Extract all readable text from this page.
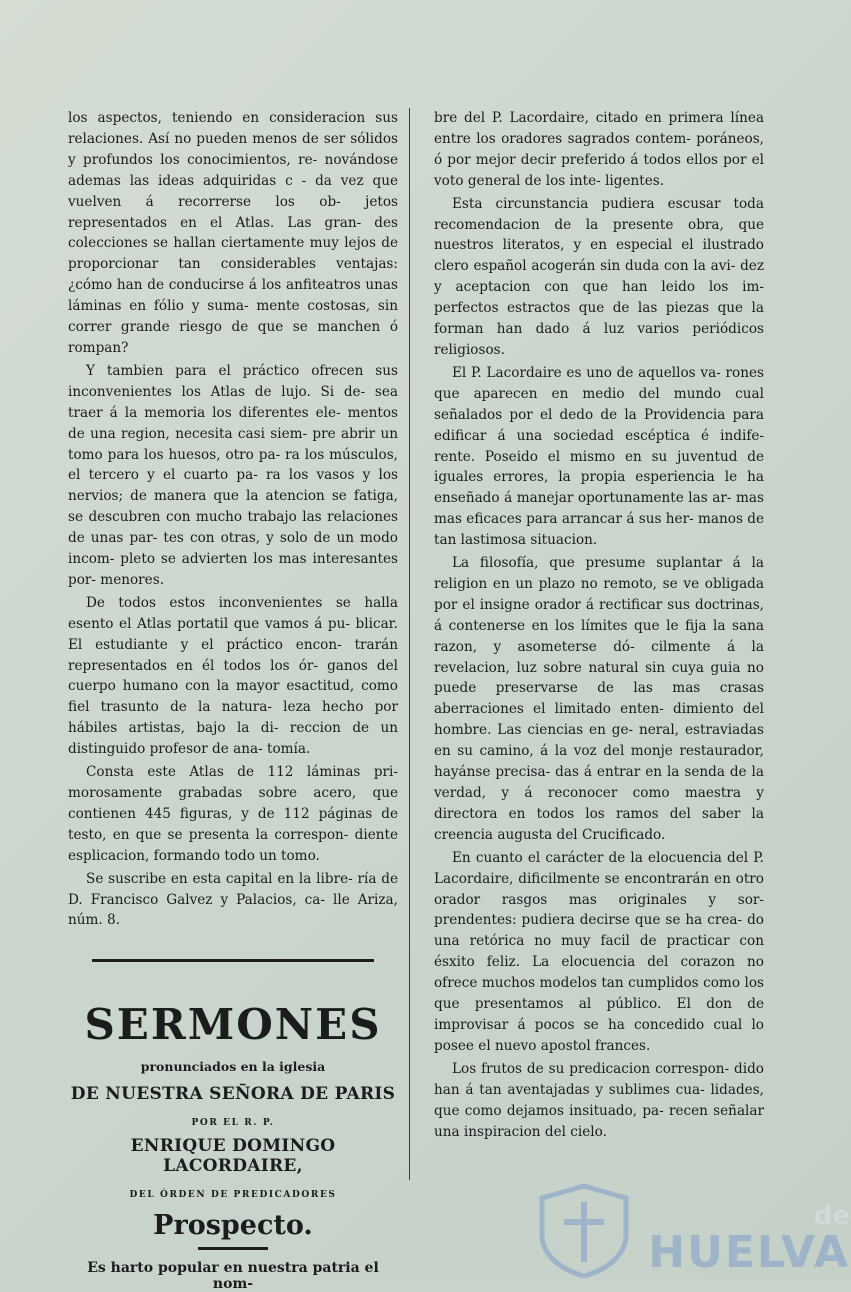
los aspectos, teniendo en consideracion sus relaciones. Así no pueden menos de ser sólidos y profundos los conocimientos, re- novándose ademas las ideas adquiridas c - da vez que vuelven á recorrerse los ob- jetos representados en el Atlas. Las gran- des colecciones se hallan ciertamente muy lejos de proporcionar tan considerables ventajas: ¿cómo han de conducirse á los anfiteatros unas láminas en fólio y suma- mente costosas, sin correr grande riesgo de que se manchen ó rompan?

Y tambien para el práctico ofrecen sus inconvenientes los Atlas de lujo. Si de- sea traer á la memoria los diferentes ele- mentos de una region, necesita casi siem- pre abrir un tomo para los huesos, otro pa- ra los músculos, el tercero y el cuarto pa- ra los vasos y los nervios; de manera que la atencion se fatiga, se descubren con mucho trabajo las relaciones de unas par- tes con otras, y solo de un modo incom- pleto se advierten los mas interesantes por- menores.

De todos estos inconvenientes se halla esento el Atlas portatil que vamos á pu- blicar. El estudiante y el práctico encon- trarán representados en él todos los ór- ganos del cuerpo humano con la mayor esactitud, como fiel trasunto de la natura- leza hecho por hábiles artistas, bajo la di- reccion de un distinguido profesor de ana- tomía.

Consta este Atlas de 112 láminas pri- morosamente grabadas sobre acero, que contienen 445 figuras, y de 112 páginas de testo, en que se presenta la correspon- diente esplicacion, formando todo un tomo.

Se suscribe en esta capital en la libre- ría de D. Francisco Galvez y Palacios, ca- lle Ariza, núm. 8.

SERMONES
pronunciados en la iglesia
DE NUESTRA SEÑORA DE PARIS
POR EL R. P.
ENRIQUE DOMINGO LACORDAIRE,
DEL ÓRDEN DE PREDICADORES
Prospecto.
Es harto popular en nuestra patria el nom-

bre del P. Lacordaire, citado en primera línea entre los oradores sagrados contem- poráneos, ó por mejor decir preferido á todos ellos por el voto general de los inte- ligentes.

Esta circunstancia pudiera escusar toda recomendacion de la presente obra, que nuestros literatos, y en especial el ilustrado clero español acogerán sin duda con la avi- dez y aceptacion con que han leido los im- perfectos estractos que de las piezas que la forman han dado á luz varios periódicos religiosos.

El P. Lacordaire es uno de aquellos va- rones que aparecen en medio del mundo cual señalados por el dedo de la Providencia para edificar á una sociedad escéptica é indife- rente. Poseido el mismo en su juventud de iguales errores, la propia esperiencia le ha enseñado á manejar oportunamente las ar- mas mas eficaces para arrancar á sus her- manos de tan lastimosa situacion.

La filosofía, que presume suplantar á la religion en un plazo no remoto, se ve obligada por el insigne orador á rectificar sus doctrinas, á contenerse en los límites que le fija la sana razon, y asometerse dó- cilmente á la revelacion, luz sobre natural sin cuya guia no puede preservarse de las mas crasas aberraciones el limitado enten- dimiento del hombre. Las ciencias en ge- neral, estraviadas en su camino, á la voz del monje restaurador, hayánse precisa- das á entrar en la senda de la verdad, y á reconocer como maestra y directora en todos los ramos del saber la creencia augusta del Crucificado.

En cuanto el carácter de la elocuencia del P. Lacordaire, dificilmente se encontrarán en otro orador rasgos mas originales y sor- prendentes: pudiera decirse que se ha crea- do una retórica no muy facil de practicar con ésxito feliz. La elocuencia del corazon no ofrece muchos modelos tan cumplidos como los que presentamos al público. El don de improvisar á pocos se ha concedido cual lo posee el nuevo apostol frances.

Los frutos de su predicacion correspon- dido han á tan aventajadas y sublimes cua- lidades, que como dejamos insituado, pa- recen señalar una inspiracion del cielo.

de
HUELVA
